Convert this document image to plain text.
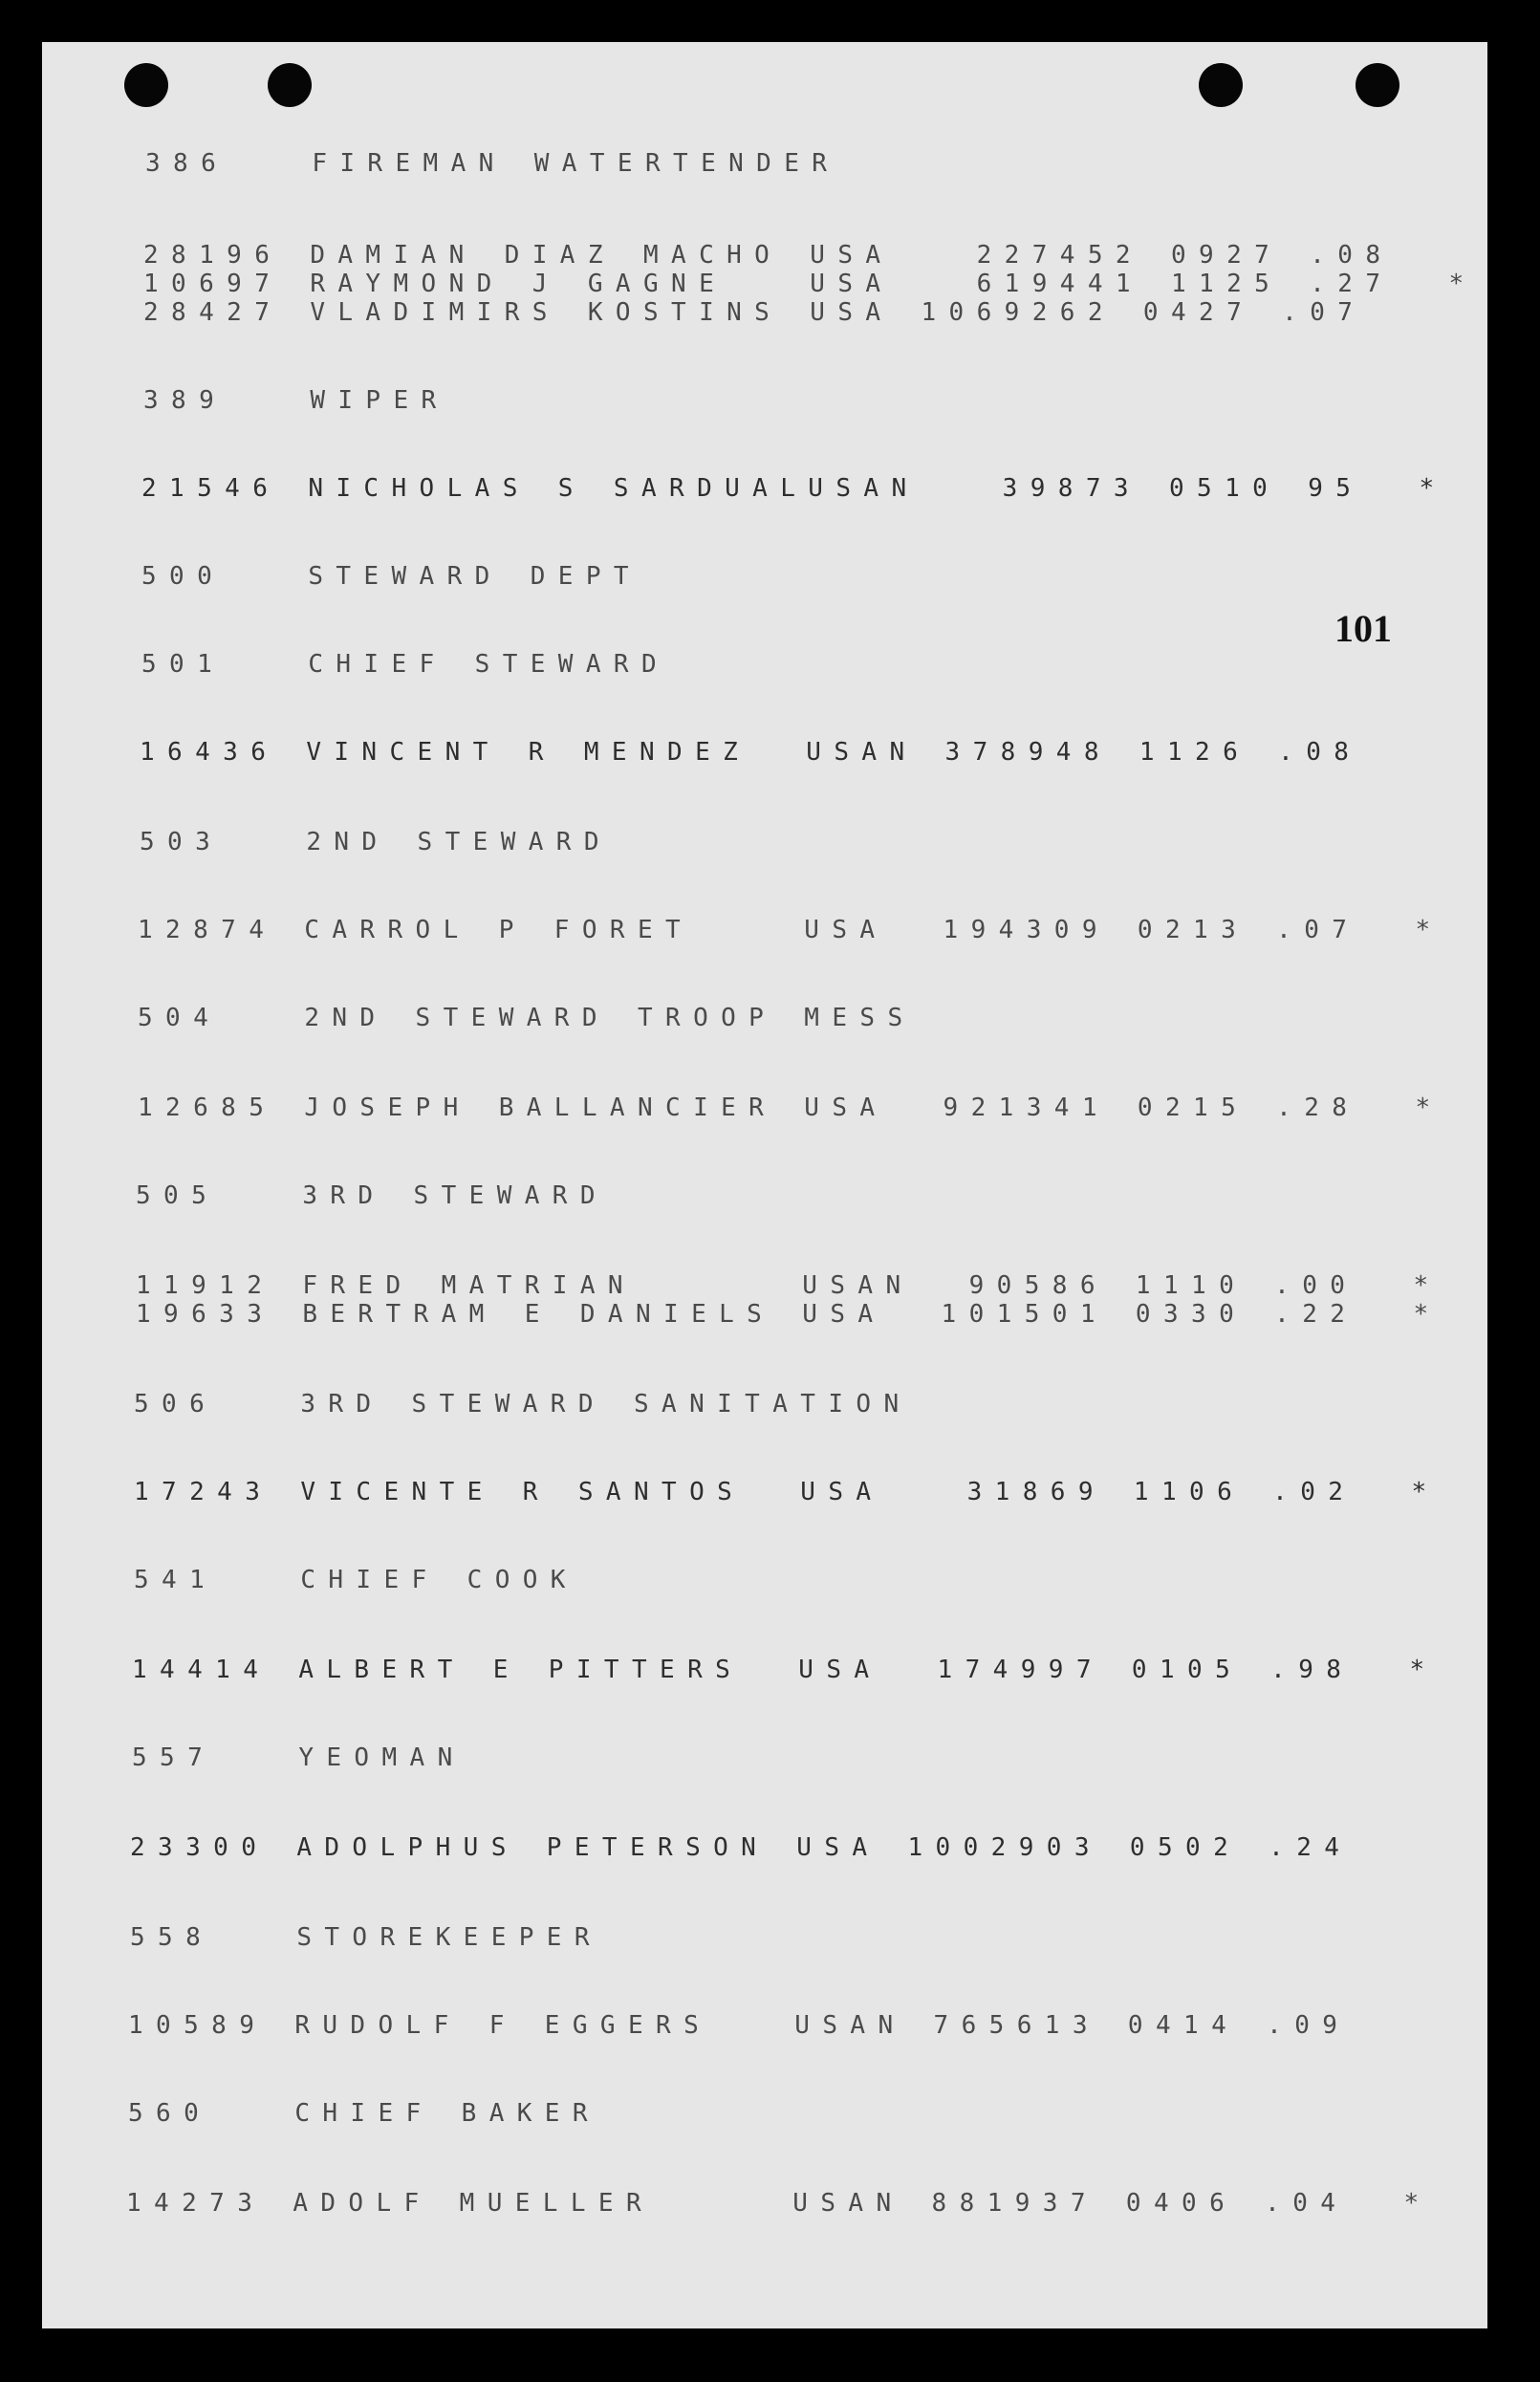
101
386   FIREMAN WATERTENDER
28196 DAMIAN DIAZ MACHO USA   227452 0927 .08
10697 RAYMOND J GAGNE   USA   619441 1125 .27  *
28427 VLADIMIRS KOSTINS USA 1069262 0427 .07
389   WIPER
21546 NICHOLAS S SARDUALUSAN   39873 0510 95  *
500   STEWARD DEPT
501   CHIEF STEWARD
16436 VINCENT R MENDEZ  USAN 378948 1126 .08
503   2ND STEWARD
12874 CARROL P FORET    USA  194309 0213 .07  *
504   2ND STEWARD TROOP MESS
12685 JOSEPH BALLANCIER USA  921341 0215 .28  *
505   3RD STEWARD
11912 FRED MATRIAN      USAN  90586 1110 .00  *
19633 BERTRAM E DANIELS USA  101501 0330 .22  *
506   3RD STEWARD SANITATION
17243 VICENTE R SANTOS  USA   31869 1106 .02  *
541   CHIEF COOK
14414 ALBERT E PITTERS  USA  174997 0105 .98  *
557   YEOMAN
23300 ADOLPHUS PETERSON USA 1002903 0502 .24
558   STOREKEEPER
10589 RUDOLF F EGGERS   USAN 765613 0414 .09
560   CHIEF BAKER
14273 ADOLF MUELLER     USAN 881937 0406 .04  *
